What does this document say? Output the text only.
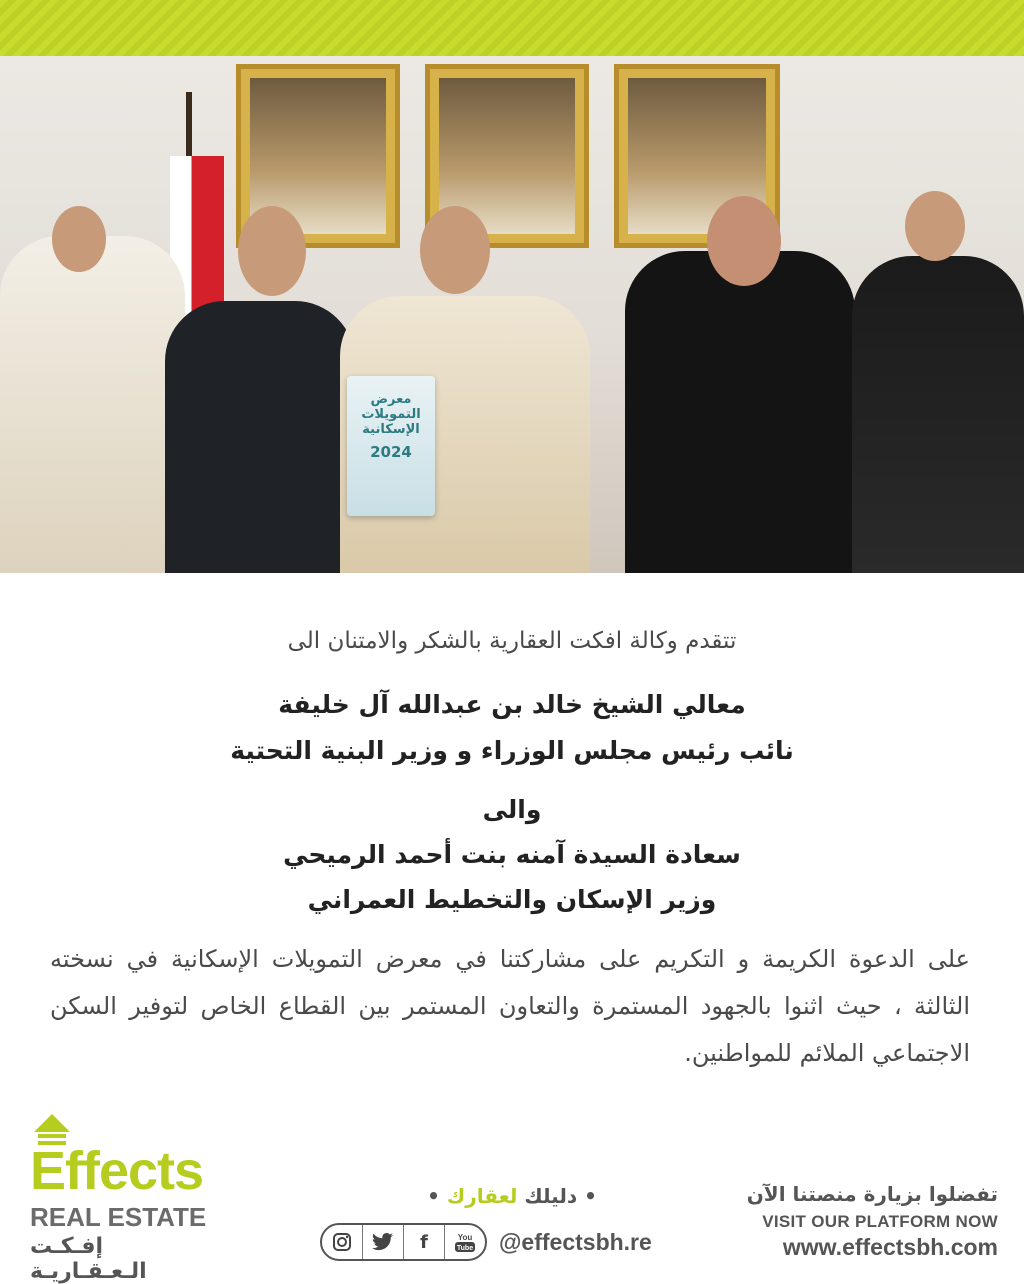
معرض
التمويلات
الإسكانية
2024
تتقدم وكالة افكت العقارية بالشكر والامتنان الى
معالي الشيخ خالد بن عبدالله آل خليفة
نائب رئيس مجلس الوزراء و وزير البنية التحتية
والى
سعادة السيدة آمنه بنت أحمد الرميحي
وزير الإسكان والتخطيط العمراني
على الدعوة الكريمة و التكريم على مشاركتنا في معرض التمويلات الإسكانية في نسخته الثالثة ، حيث اثنوا بالجهود المستمرة والتعاون المستمر بين القطاع الخاص لتوفير السكن الاجتماعي الملائم للمواطنين.
Effects
REAL ESTATE
إفـكـت الـعـقـاريـة
• دليلك لعقارك •
f	You
Tube @effectsbh.re
تفضلوا بزيارة منصتنا الآن
VISIT OUR PLATFORM NOW
www.effectsbh.com
